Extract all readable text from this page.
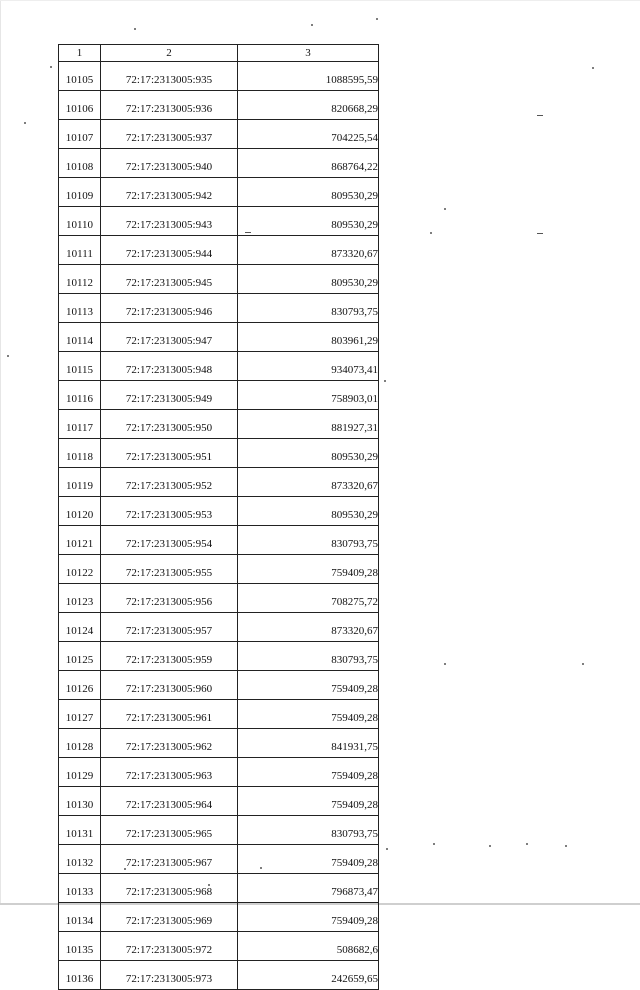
1	2	3
10105	72:17:2313005:935	1088595,59
10106	72:17:2313005:936	820668,29
10107	72:17:2313005:937	704225,54
10108	72:17:2313005:940	868764,22
10109	72:17:2313005:942	809530,29
10110	72:17:2313005:943	809530,29
10111	72:17:2313005:944	873320,67
10112	72:17:2313005:945	809530,29
10113	72:17:2313005:946	830793,75
10114	72:17:2313005:947	803961,29
10115	72:17:2313005:948	934073,41
10116	72:17:2313005:949	758903,01
10117	72:17:2313005:950	881927,31
10118	72:17:2313005:951	809530,29
10119	72:17:2313005:952	873320,67
10120	72:17:2313005:953	809530,29
10121	72:17:2313005:954	830793,75
10122	72:17:2313005:955	759409,28
10123	72:17:2313005:956	708275,72
10124	72:17:2313005:957	873320,67
10125	72:17:2313005:959	830793,75
10126	72:17:2313005:960	759409,28
10127	72:17:2313005:961	759409,28
10128	72:17:2313005:962	841931,75
10129	72:17:2313005:963	759409,28
10130	72:17:2313005:964	759409,28
10131	72:17:2313005:965	830793,75
10132	72:17:2313005:967	759409,28
10133	72:17:2313005:968	796873,47
10134	72:17:2313005:969	759409,28
10135	72:17:2313005:972	508682,6
10136	72:17:2313005:973	242659,65
